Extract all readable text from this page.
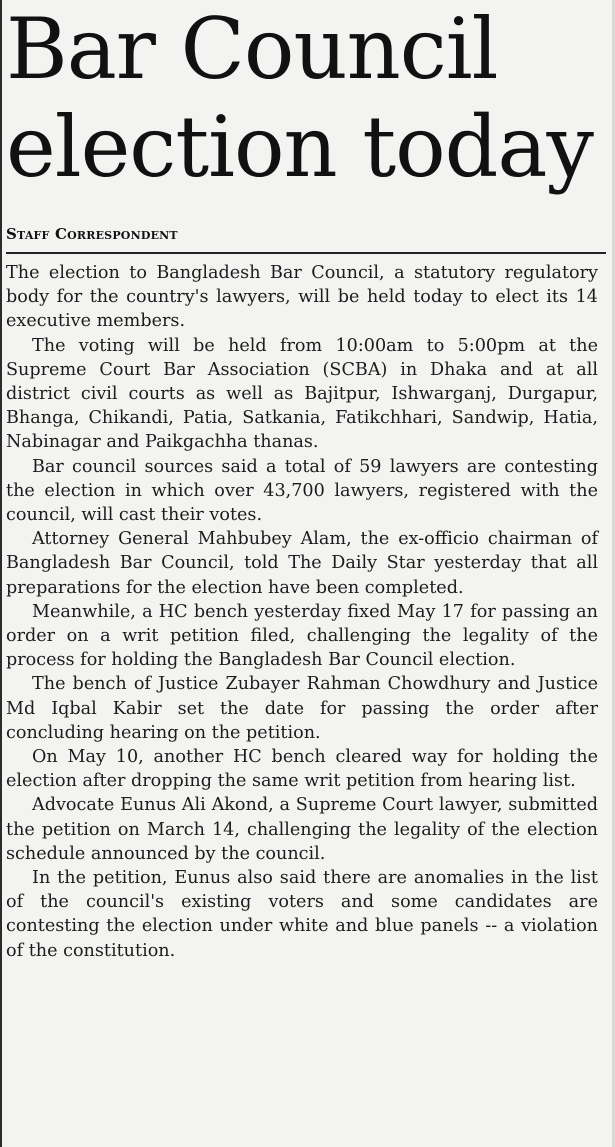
Bar Council
election today
Staff Correspondent

The election to Bangladesh Bar Council, a statutory regulatory body for the country's lawyers, will be held today to elect its 14 executive members.

The voting will be held from 10:00am to 5:00pm at the Supreme Court Bar Association (SCBA) in Dhaka and at all district civil courts as well as Bajitpur, Ishwarganj, Durgapur, Bhanga, Chikandi, Patia, Satkania, Fatikchhari, Sandwip, Hatia, Nabinagar and Paikgachha thanas.

Bar council sources said a total of 59 lawyers are contesting the election in which over 43,700 lawyers, registered with the council, will cast their votes.

Attorney General Mahbubey Alam, the ex-officio chairman of Bangladesh Bar Council, told The Daily Star yesterday that all preparations for the election have been completed.

Meanwhile, a HC bench yesterday fixed May 17 for passing an order on a writ petition filed, challenging the legality of the process for holding the Bangladesh Bar Council election.

The bench of Justice Zubayer Rahman Chowdhury and Justice Md Iqbal Kabir set the date for passing the order after concluding hearing on the petition.

On May 10, another HC bench cleared way for holding the election after dropping the same writ petition from hearing list.

Advocate Eunus Ali Akond, a Supreme Court lawyer, submitted the petition on March 14, challenging the legality of the election schedule announced by the council.

In the petition, Eunus also said there are anomalies in the list of the council's existing voters and some candidates are contesting the election under white and blue panels -- a violation of the constitution.
